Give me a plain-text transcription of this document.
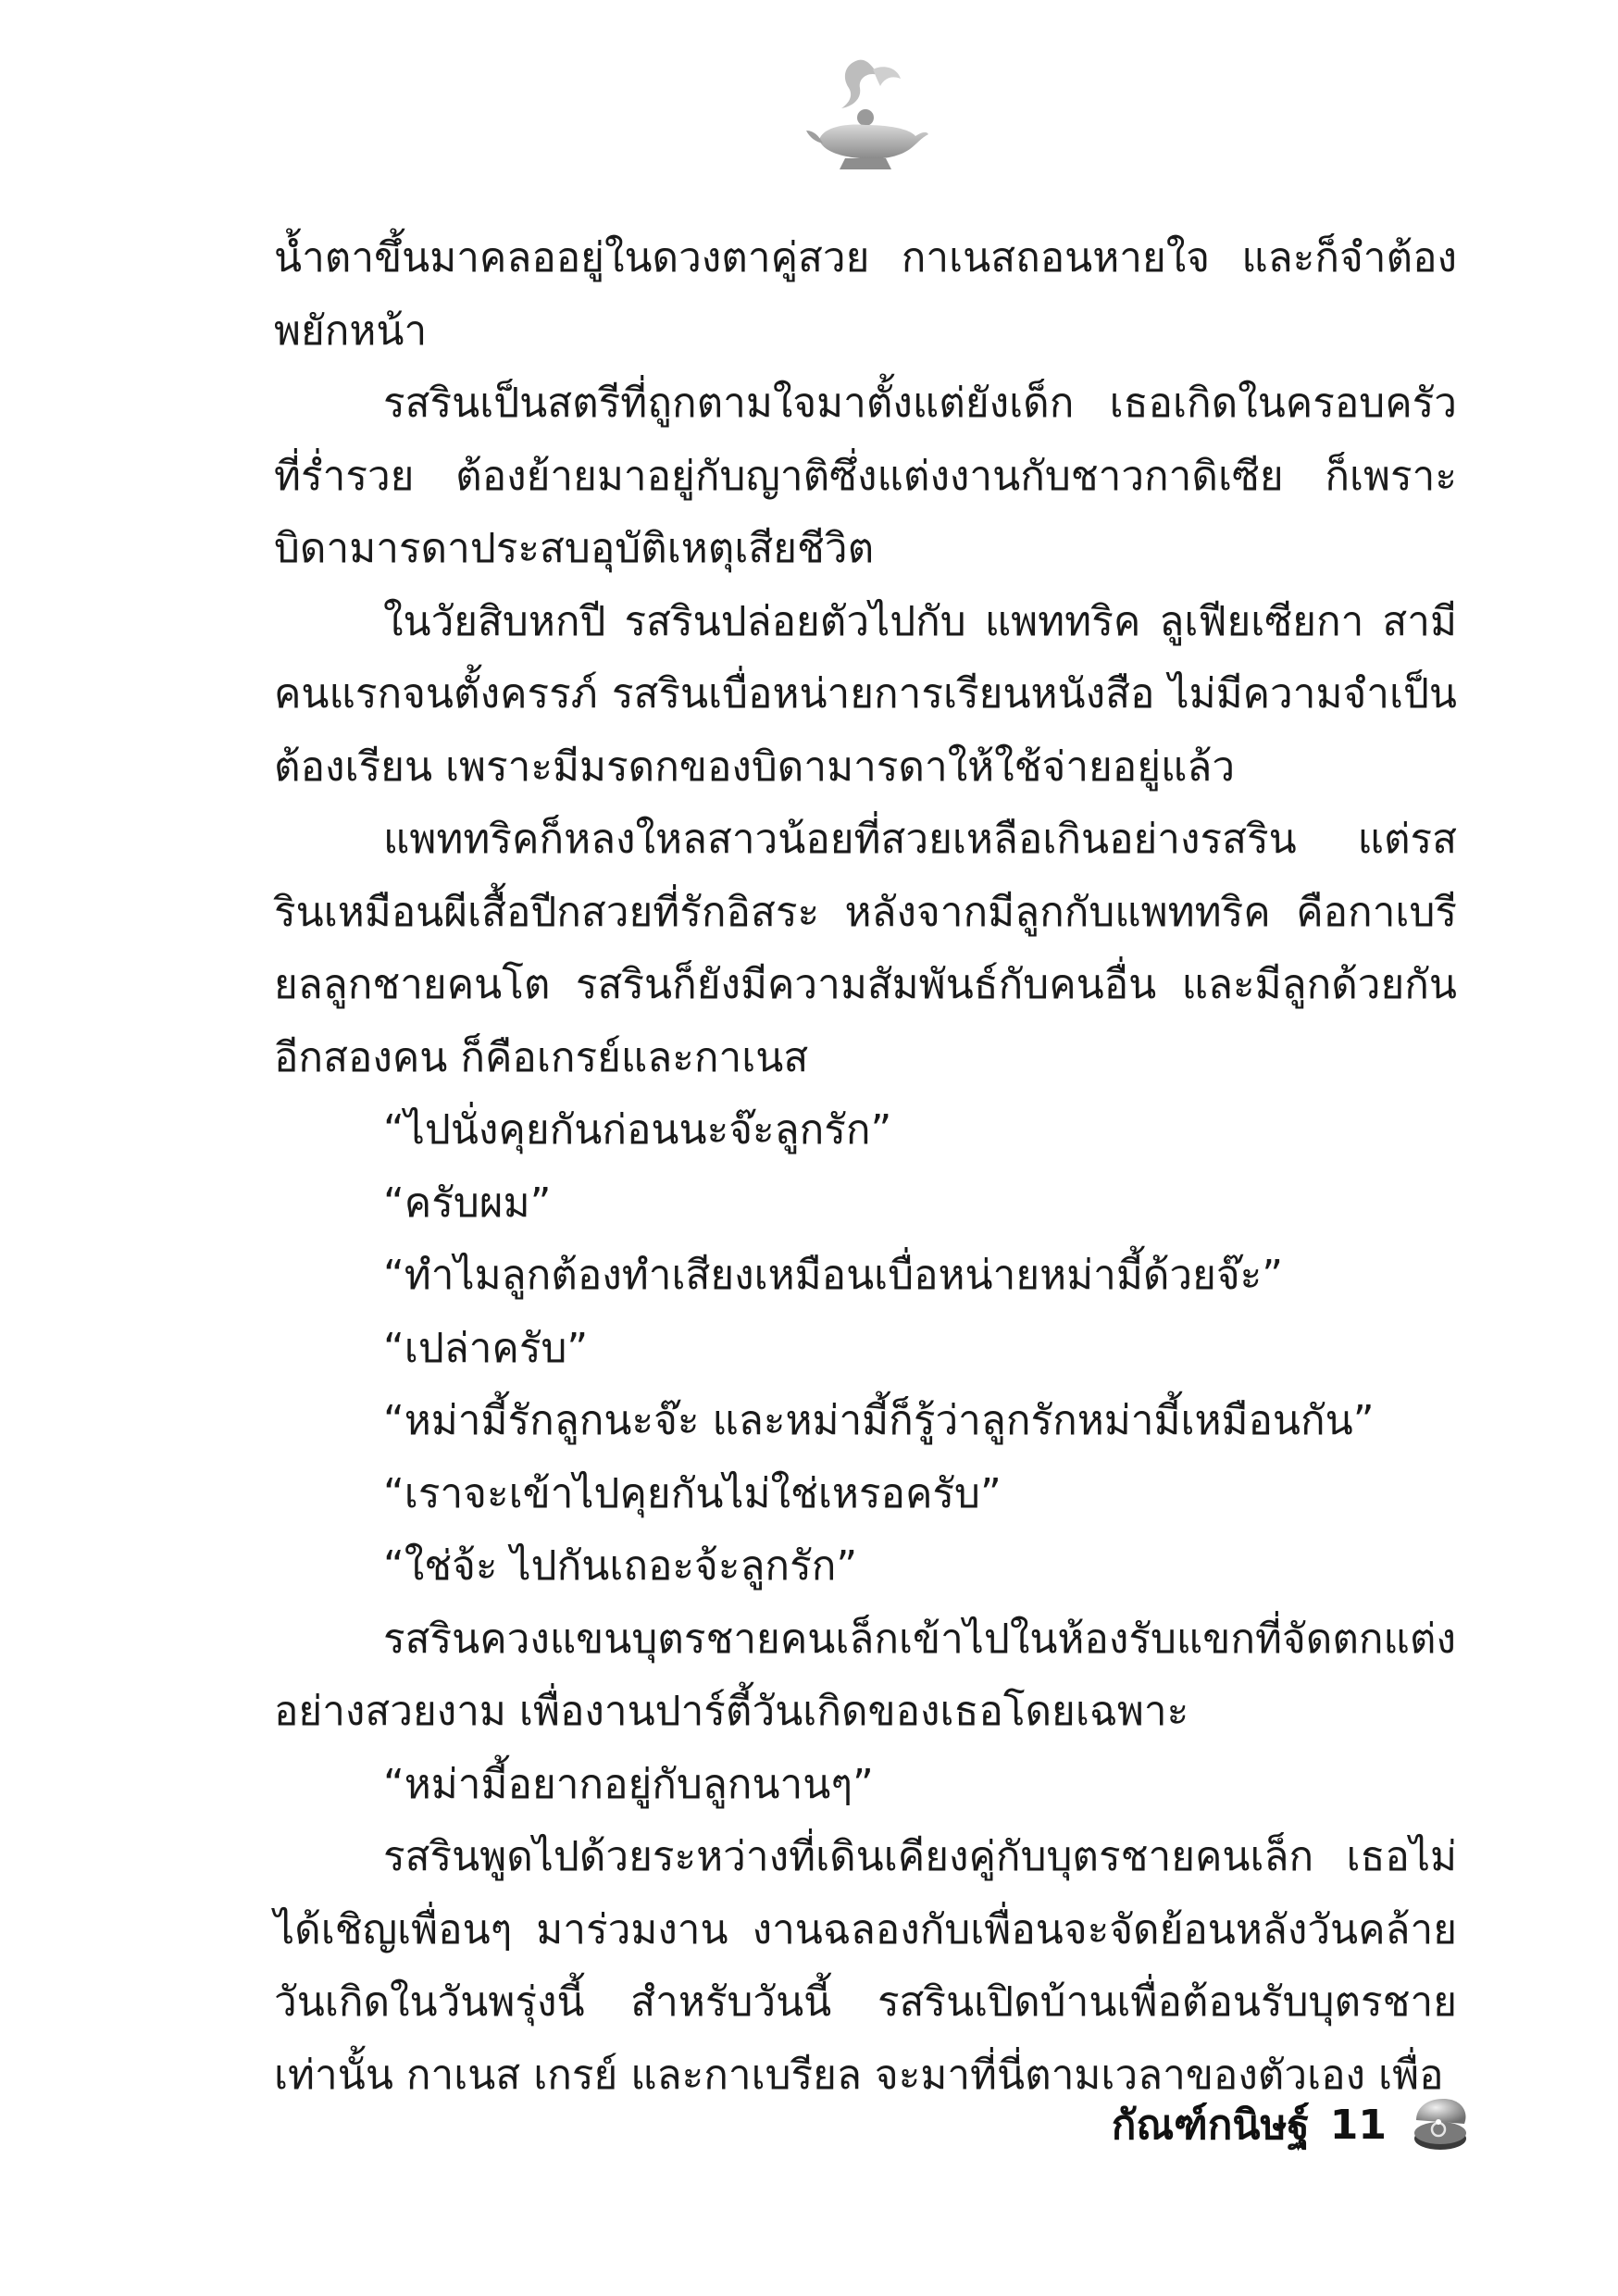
น้ำตาขึ้นมาคลออยู่ในดวงตาคู่สวย กาเนสถอนหายใจ และก็จำต้องพยักหน้า

รสรินเป็นสตรีที่ถูกตามใจมาตั้งแต่ยังเด็ก เธอเกิดในครอบครัวที่ร่ำรวย ต้องย้ายมาอยู่กับญาติซึ่งแต่งงานกับชาวกาดิเซีย ก็เพราะบิดามารดาประสบอุบัติเหตุเสียชีวิต

ในวัยสิบหกปี รสรินปล่อยตัวไปกับ แพททริค ลูเฟียเซียกา สามีคนแรกจนตั้งครรภ์ รสรินเบื่อหน่ายการเรียนหนังสือ ไม่มีความจำเป็นต้องเรียน เพราะมีมรดกของบิดามารดาให้ใช้จ่ายอยู่แล้ว

แพททริคก็หลงใหลสาวน้อยที่สวยเหลือเกินอย่างรสริน แต่รสรินเหมือนผีเสื้อปีกสวยที่รักอิสระ หลังจากมีลูกกับแพททริค คือกาเบรียลลูกชายคนโต รสรินก็ยังมีความสัมพันธ์กับคนอื่น และมีลูกด้วยกันอีกสองคน ก็คือเกรย์และกาเนส

“ไปนั่งคุยกันก่อนนะจ๊ะลูกรัก”

“ครับผม”

“ทำไมลูกต้องทำเสียงเหมือนเบื่อหน่ายหม่ามี้ด้วยจ๊ะ”

“เปล่าครับ”

“หม่ามี้รักลูกนะจ๊ะ และหม่ามี้ก็รู้ว่าลูกรักหม่ามี้เหมือนกัน”

“เราจะเข้าไปคุยกันไม่ใช่เหรอครับ”

“ใช่จ้ะ ไปกันเถอะจ้ะลูกรัก”

รสรินควงแขนบุตรชายคนเล็กเข้าไปในห้องรับแขกที่จัดตกแต่งอย่างสวยงาม เพื่องานปาร์ตี้วันเกิดของเธอโดยเฉพาะ

“หม่ามี้อยากอยู่กับลูกนานๆ”

รสรินพูดไปด้วยระหว่างที่เดินเคียงคู่กับบุตรชายคนเล็ก เธอไม่ได้เชิญเพื่อนๆ มาร่วมงาน งานฉลองกับเพื่อนจะจัดย้อนหลังวันคล้ายวันเกิดในวันพรุ่งนี้ สำหรับวันนี้ รสรินเปิดบ้านเพื่อต้อนรับบุตรชายเท่านั้น กาเนส เกรย์ และกาเบรียล จะมาที่นี่ตามเวลาของตัวเอง เพื่อ

กัณฑ์กนิษฐ์ 11
